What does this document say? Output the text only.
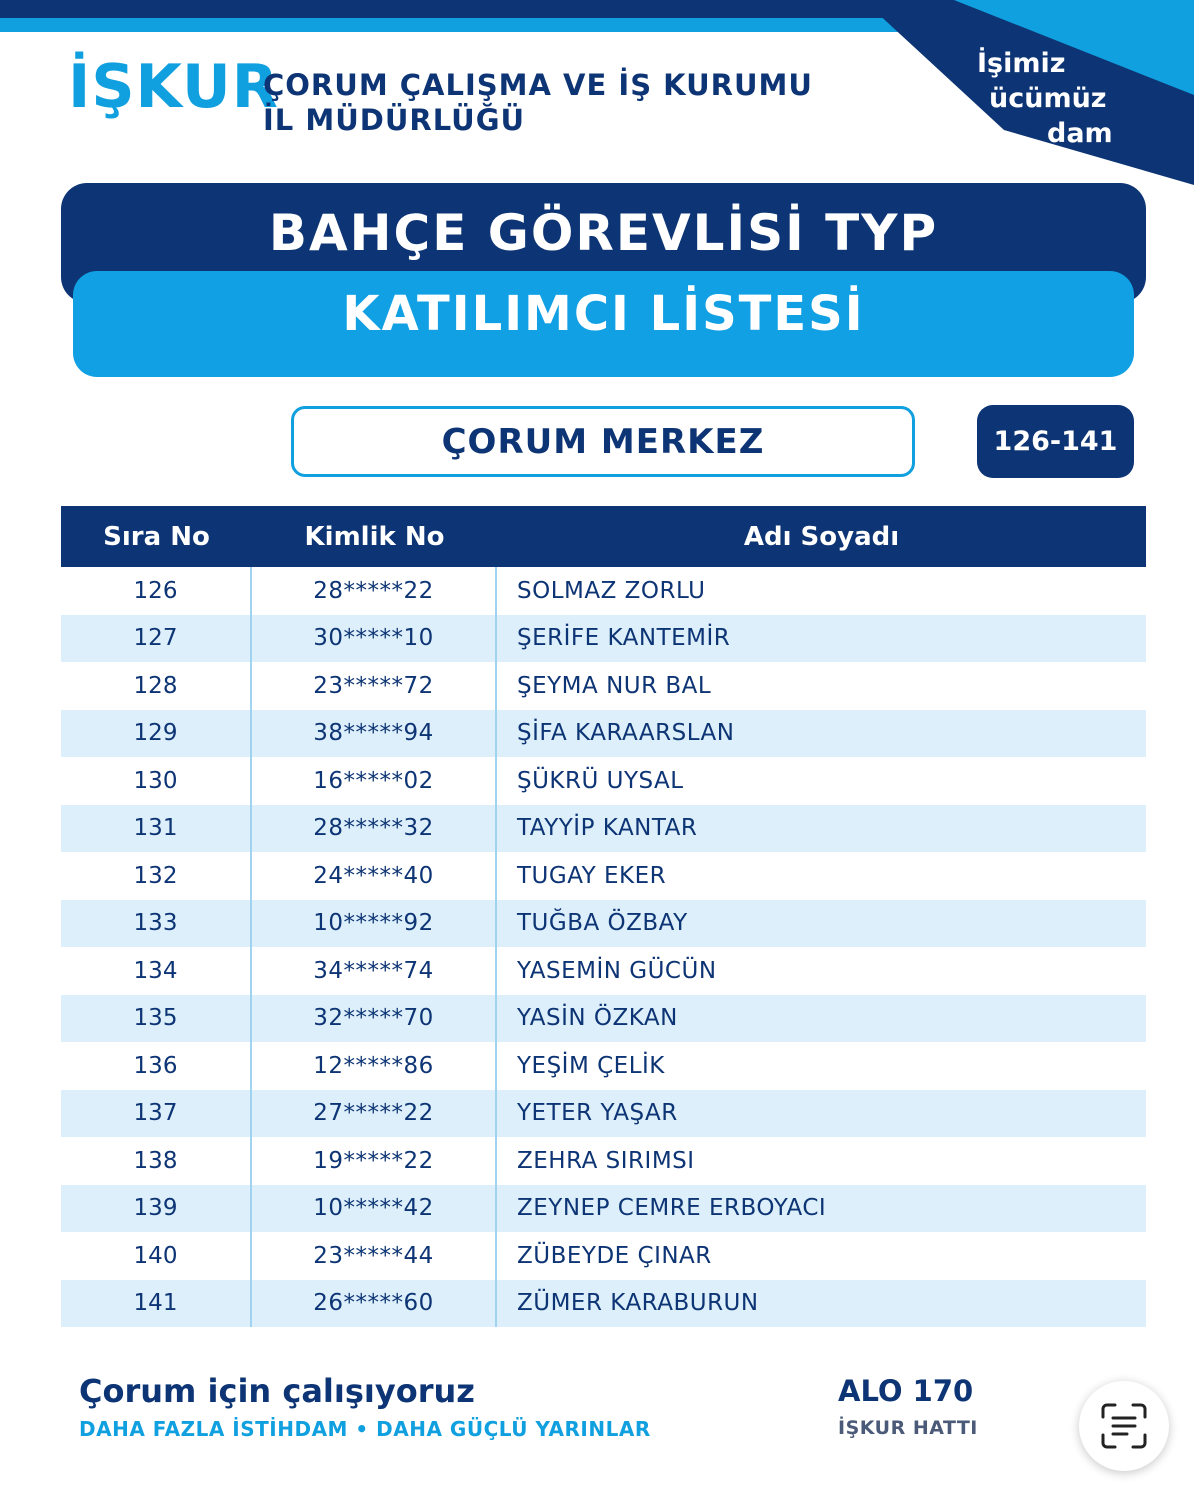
İŞKUR
ÇORUM ÇALIŞMA VE İŞ KURUMU
İL MÜDÜRLÜĞÜ
İşimiz
ücümüz
dam
BAHÇE GÖREVLİSİ TYP
KATILIMCI LİSTESİ
ÇORUM MERKEZ	126-141
Sıra No	Kimlik No	Adı Soyadı
126	28*****22	SOLMAZ ZORLU
127	30*****10	ŞERİFE KANTEMİR
128	23*****72	ŞEYMA NUR BAL
129	38*****94	ŞİFA KARAARSLAN
130	16*****02	ŞÜKRÜ UYSAL
131	28*****32	TAYYİP KANTAR
132	24*****40	TUGAY EKER
133	10*****92	TUĞBA ÖZBAY
134	34*****74	YASEMİN GÜCÜN
135	32*****70	YASİN ÖZKAN
136	12*****86	YEŞİM ÇELİK
137	27*****22	YETER YAŞAR
138	19*****22	ZEHRA SIRIMSI
139	10*****42	ZEYNEP CEMRE ERBOYACI
140	23*****44	ZÜBEYDE ÇINAR
141	26*****60	ZÜMER KARABURUN
Çorum için çalışıyoruz
DAHA FAZLA İSTİHDAM • DAHA GÜÇLÜ YARINLAR
ALO 170
İŞKUR HATTI
